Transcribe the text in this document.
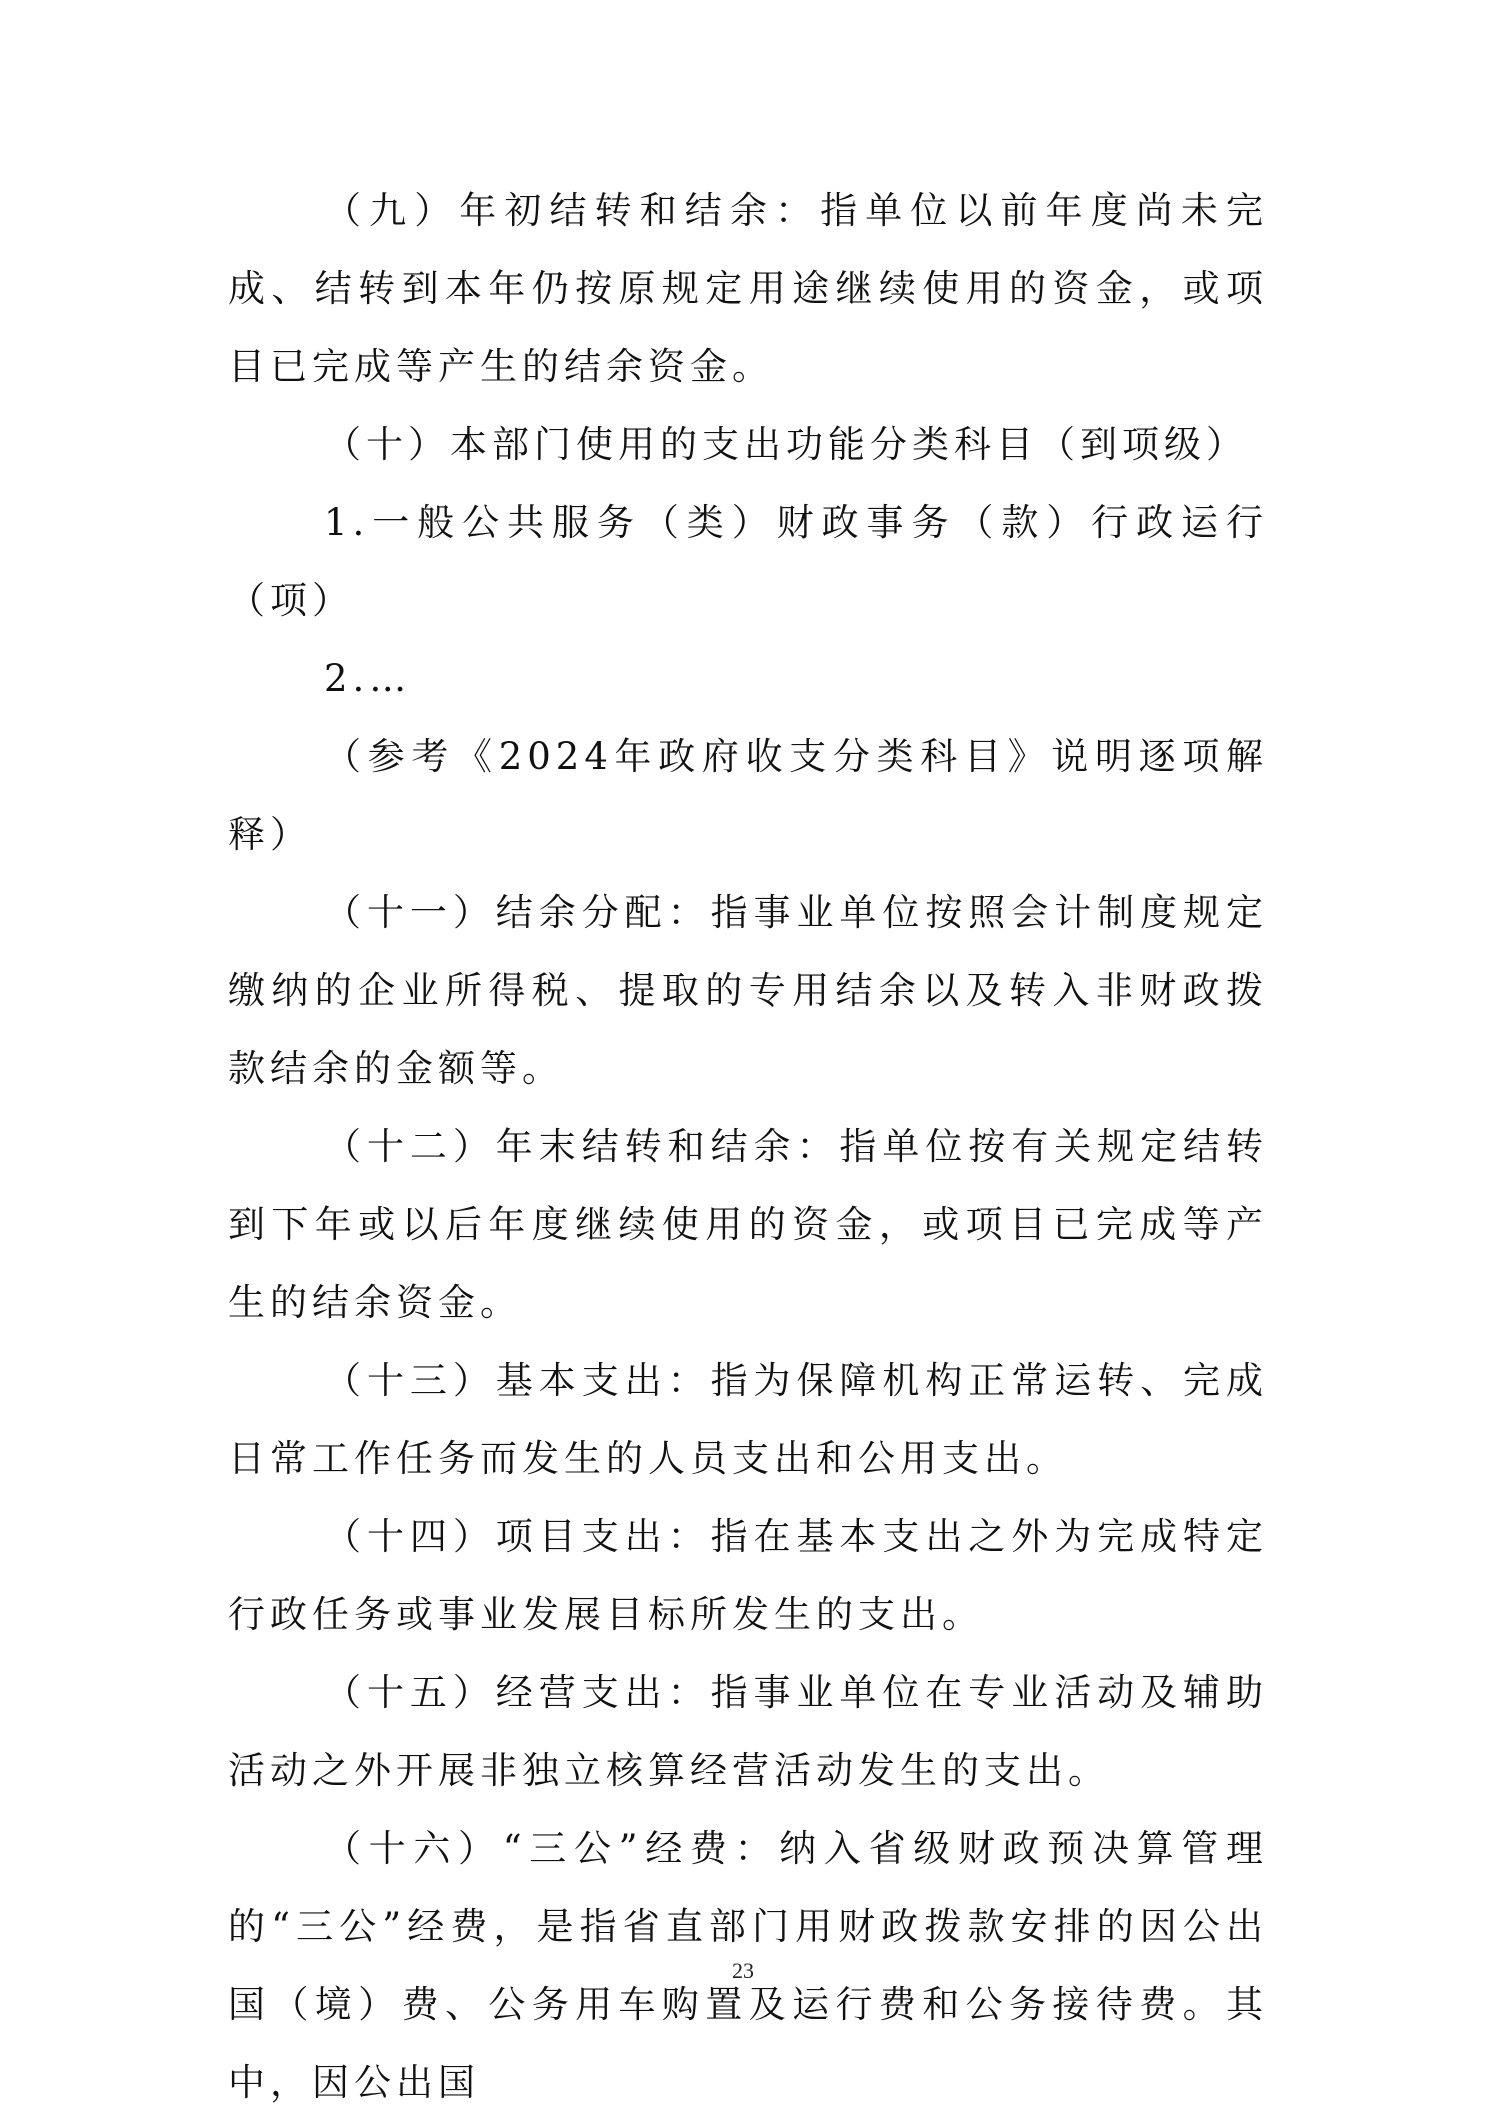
（九）年初结转和结余：指单位以前年度尚未完成、结转到本年仍按原规定用途继续使用的资金，或项目已完成等产生的结余资金。

（十）本部门使用的支出功能分类科目（到项级）

1.一般公共服务（类）财政事务（款）行政运行（项）

2.…

（参考《2024年政府收支分类科目》说明逐项解释）

（十一）结余分配：指事业单位按照会计制度规定缴纳的企业所得税、提取的专用结余以及转入非财政拨款结余的金额等。

（十二）年末结转和结余：指单位按有关规定结转到下年或以后年度继续使用的资金，或项目已完成等产生的结余资金。

（十三）基本支出：指为保障机构正常运转、完成日常工作任务而发生的人员支出和公用支出。

（十四）项目支出：指在基本支出之外为完成特定行政任务或事业发展目标所发生的支出。

（十五）经营支出：指事业单位在专业活动及辅助活动之外开展非独立核算经营活动发生的支出。

（十六）“三公”经费：纳入省级财政预决算管理的“三公”经费，是指省直部门用财政拨款安排的因公出国（境）费、公务用车购置及运行费和公务接待费。其中，因公出国

23
